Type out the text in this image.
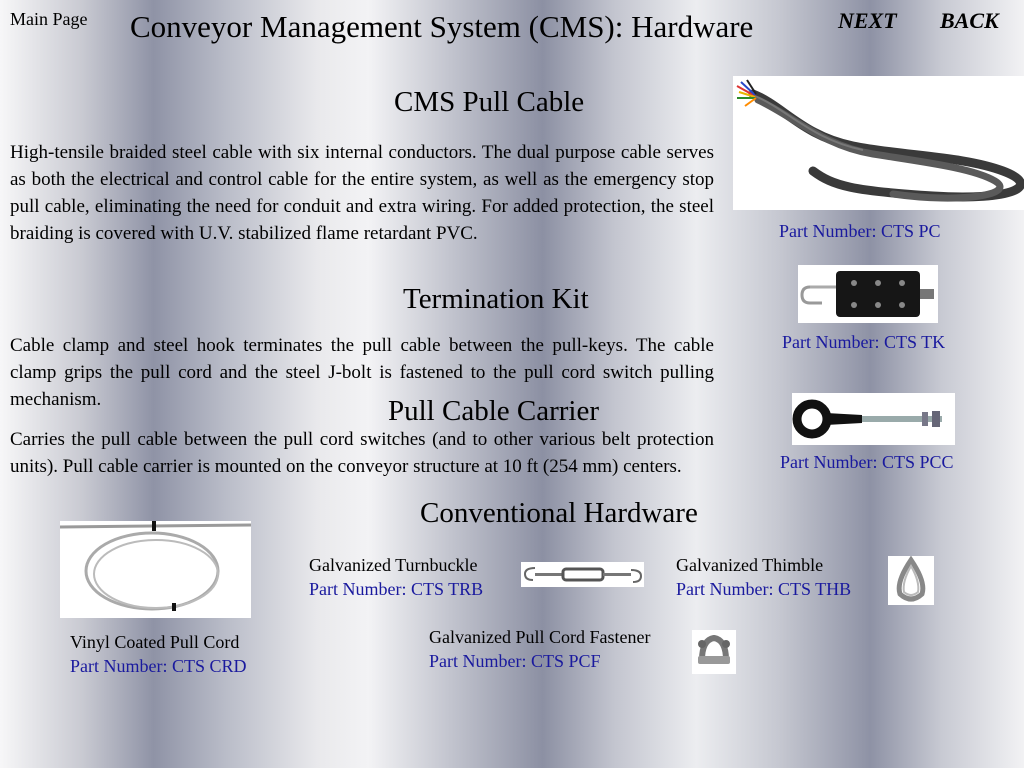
Main Page Conveyor Management System (CMS): Hardware	NEXT BACK
CMS Pull Cable
High-tensile braided steel cable with six internal conductors. The dual purpose cable serves as both the electrical and control cable for the entire system, as well as the emergency stop pull cable, eliminating the need for conduit and extra wiring. For added protection, the steel braiding is covered with U.V. stabilized flame retardant PVC.	Part Number: CTS PC
Termination Kit
Cable clamp and steel hook terminates the pull cable between the pull-keys. The cable clamp grips the pull cord and the steel J-bolt is fastened to the pull cord switch pulling mechanism.
Part Number: CTS TK
Pull Cable Carrier
Carries the pull cable between the pull cord switches (and to other various belt protection units). Pull cable carrier is mounted on the conveyor structure at 10 ft (254 mm) centers.	Part Number: CTS PCC
Conventional Hardware
Vinyl Coated Pull Cord
Part Number: CTS CRD
Galvanized Turnbuckle
Part Number: CTS TRB
Galvanized Thimble
Part Number: CTS THB
Galvanized Pull Cord Fastener
Part Number: CTS PCF
